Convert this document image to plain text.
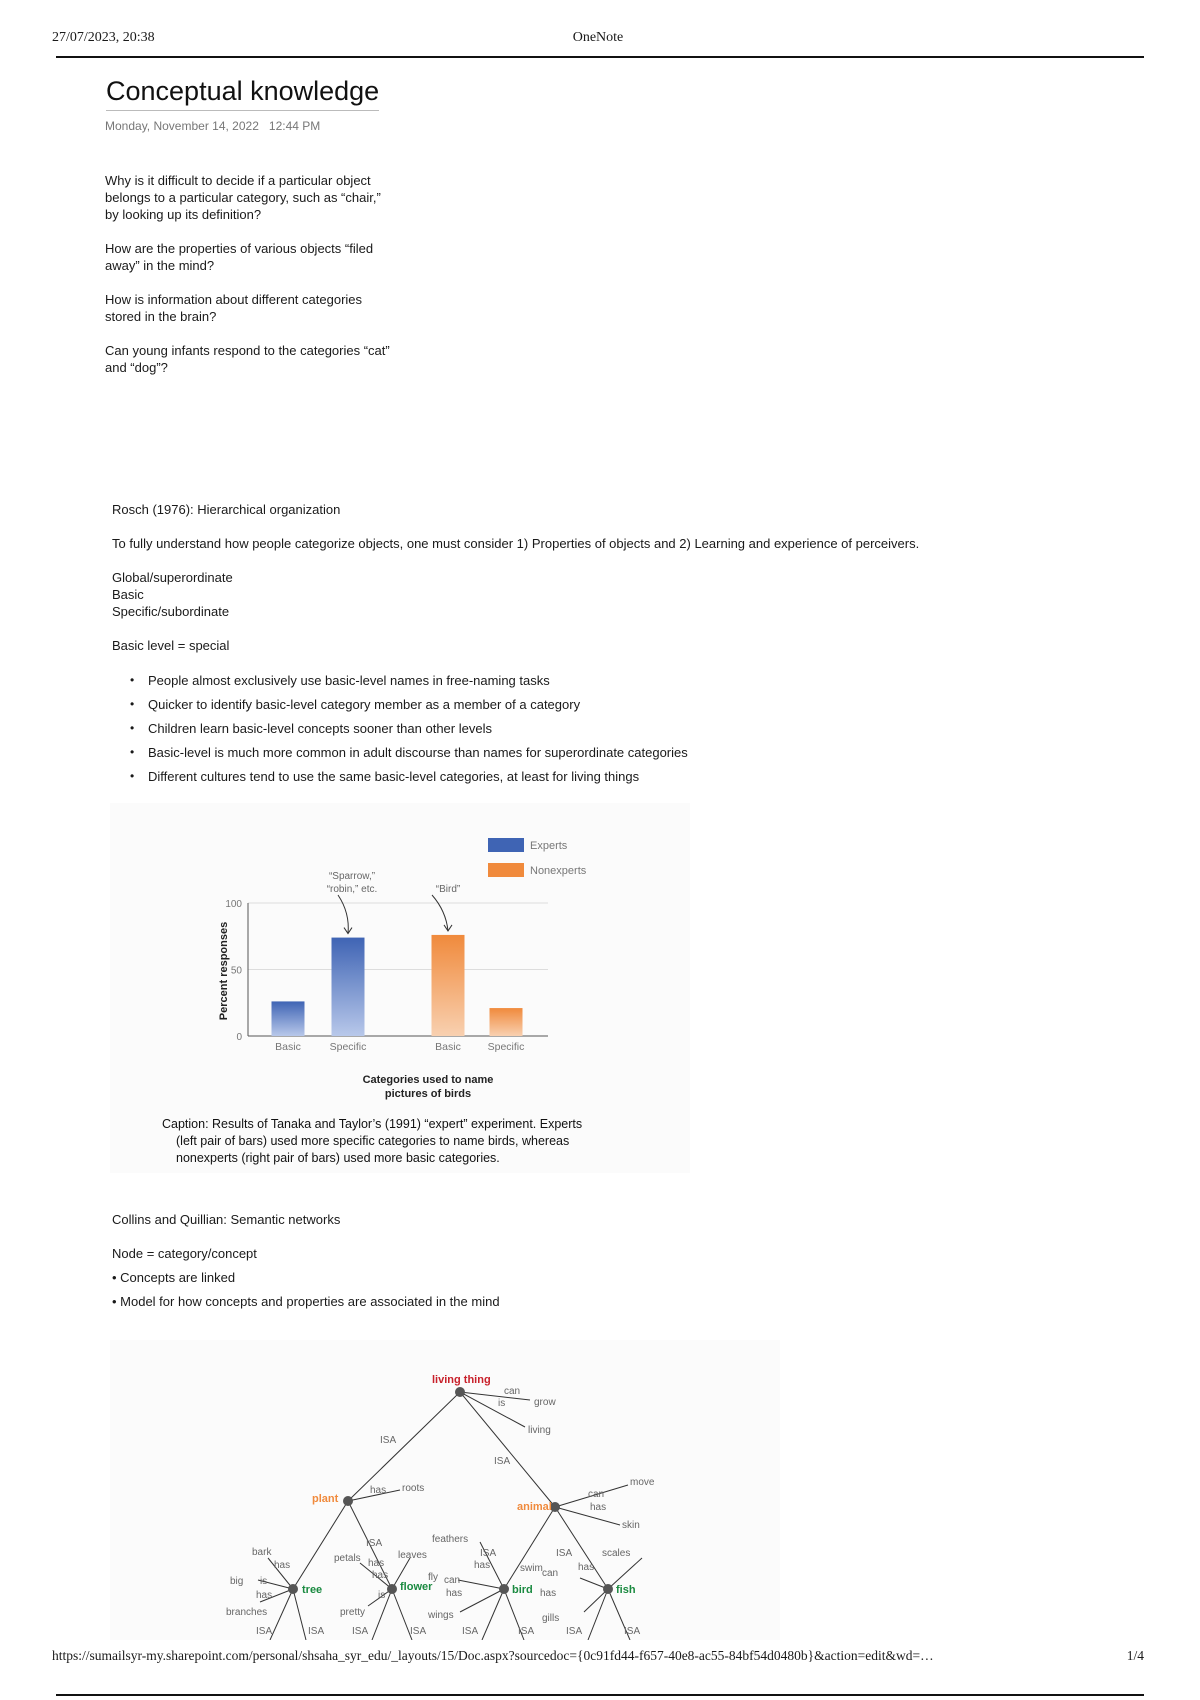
27/07/2023, 20:38	OneNote
Conceptual knowledge
Monday, November 14, 2022 12:44 PM

Why is it difficult to decide if a particular object belongs to a particular category, such as “chair,” by looking up its definition?

How are the properties of various objects “filed away” in the mind?

How is information about different categories stored in the brain?

Can young infants respond to the categories “cat” and “dog”?

Rosch (1976): Hierarchical organization

To fully understand how people categorize objects, one must consider 1) Properties of objects and 2) Learning and experience of perceivers.

Global/superordinate

Basic

Specific/subordinate

Basic level = special

• People almost exclusively use basic-level names in free-naming tasks
• Quicker to identify basic-level category member as a member of a category
• Children learn basic-level concepts sooner than other levels
• Basic-level is much more common in adult discourse than names for superordinate categories
• Different cultures tend to use the same basic-level categories, at least for living things
Experts
Nonexperts
“Sparrow,”
“robin,” etc.	“Bird”
0
50
100
Basic	Specific	Basic	Specific
Percent responses
Categories used to name
pictures of birds
Caption: Results of Tanaka and Taylor’s (1991) “expert” experiment. Experts
(left pair of bars) used more specific categories to name birds, whereas
nonexperts (right pair of bars) used more basic categories.

Collins and Quillian: Semantic networks

Node = category/concept

• Concepts are linked

• Model for how concepts and properties are associated in the mind

living thing
plant
animal
tree	flower	bird	fish
ISA
ISA
can
is	grow
living
has roots
can
move
has
skin
bark
has
big is
has
branches
petals
has
ISA
leaves
has
is
pretty
feathers
ISA
has
fly can
has
wings
swim can
ISA
has
scales
has
gills
ISA	ISA	ISA	ISA	ISA	ISA	ISA	ISA
https://sumailsyr-my.sharepoint.com/personal/shsaha_syr_edu/_layouts/15/Doc.aspx?sourcedoc={0c91fd44-f657-40e8-ac55-84bf54d0480b}&action=edit&wd=…	1/4
